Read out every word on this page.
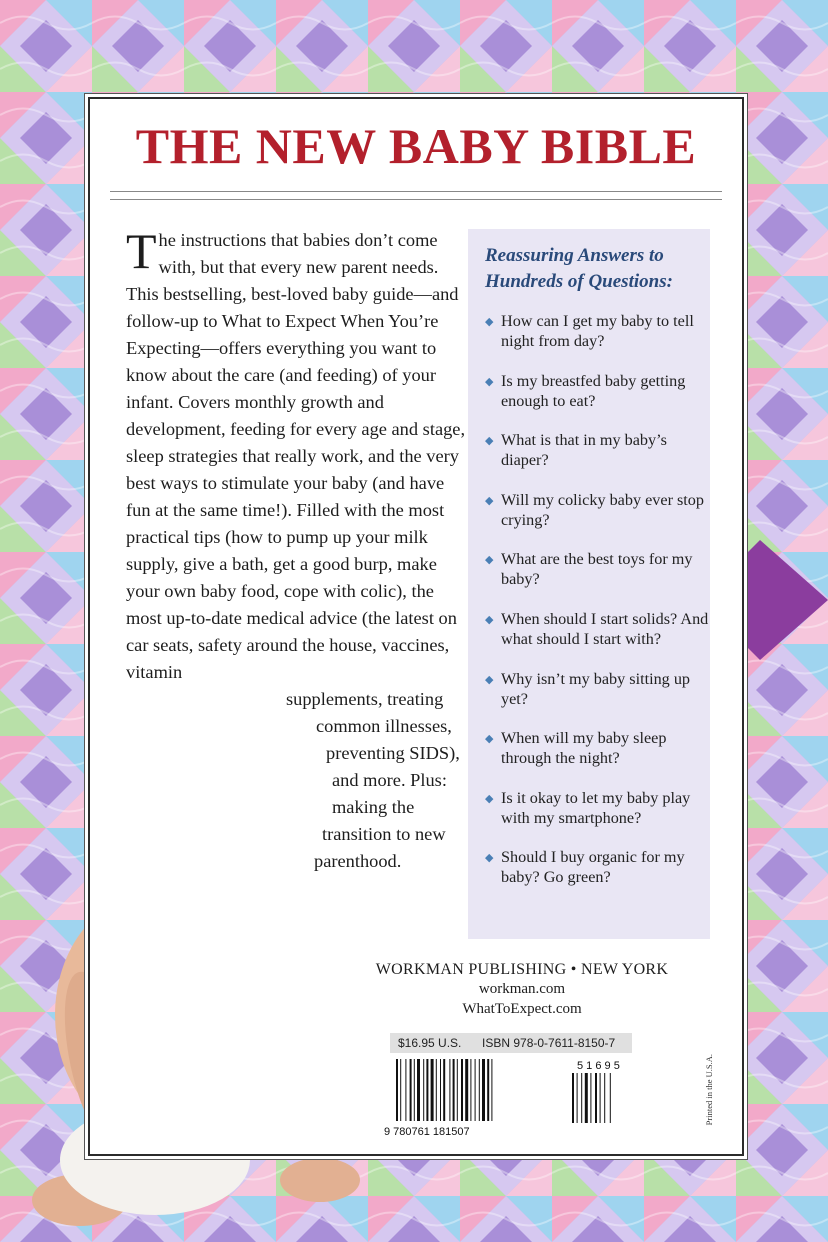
THE NEW BABY BIBLE
T he instructions that babies don’t come with, but that every new parent needs. This bestselling, best-loved baby guide—and follow-up to What to Expect When You’re Expecting—offers everything you want to know about the care (and feeding) of your infant. Covers monthly growth and development, feeding for every age and stage, sleep strategies that really work, and the very best ways to stimulate your baby (and have fun at the same time!). Filled with the most practical tips (how to pump up your milk supply, give a bath, get a good burp, make your own baby food, cope with colic), the most up-to-date medical advice (the latest on car seats, safety around the house, vaccines, vitamin
supplements, treating
common illnesses,
preventing SIDS),
and more. Plus:
making the
transition to new
parenthood.
Reassuring Answers to Hundreds of Questions:
◆ How can I get my baby to tell night from day?
◆ Is my breastfed baby getting enough to eat?
◆ What is that in my baby’s diaper?
◆ Will my colicky baby ever stop crying?
◆ What are the best toys for my baby?
◆ When should I start solids? And what should I start with?
◆ Why isn’t my baby sitting up yet?
◆ When will my baby sleep through the night?
◆ Is it okay to let my baby play with my smartphone?
◆ Should I buy organic for my baby? Go green?
WORKMAN PUBLISHING • NEW YORK
workman.com
WhatToExpect.com
$16.95 U.S. ISBN 978-0-7611-8150-7
5 1 6 9 5
9 780761 181507
Printed in the U.S.A.
